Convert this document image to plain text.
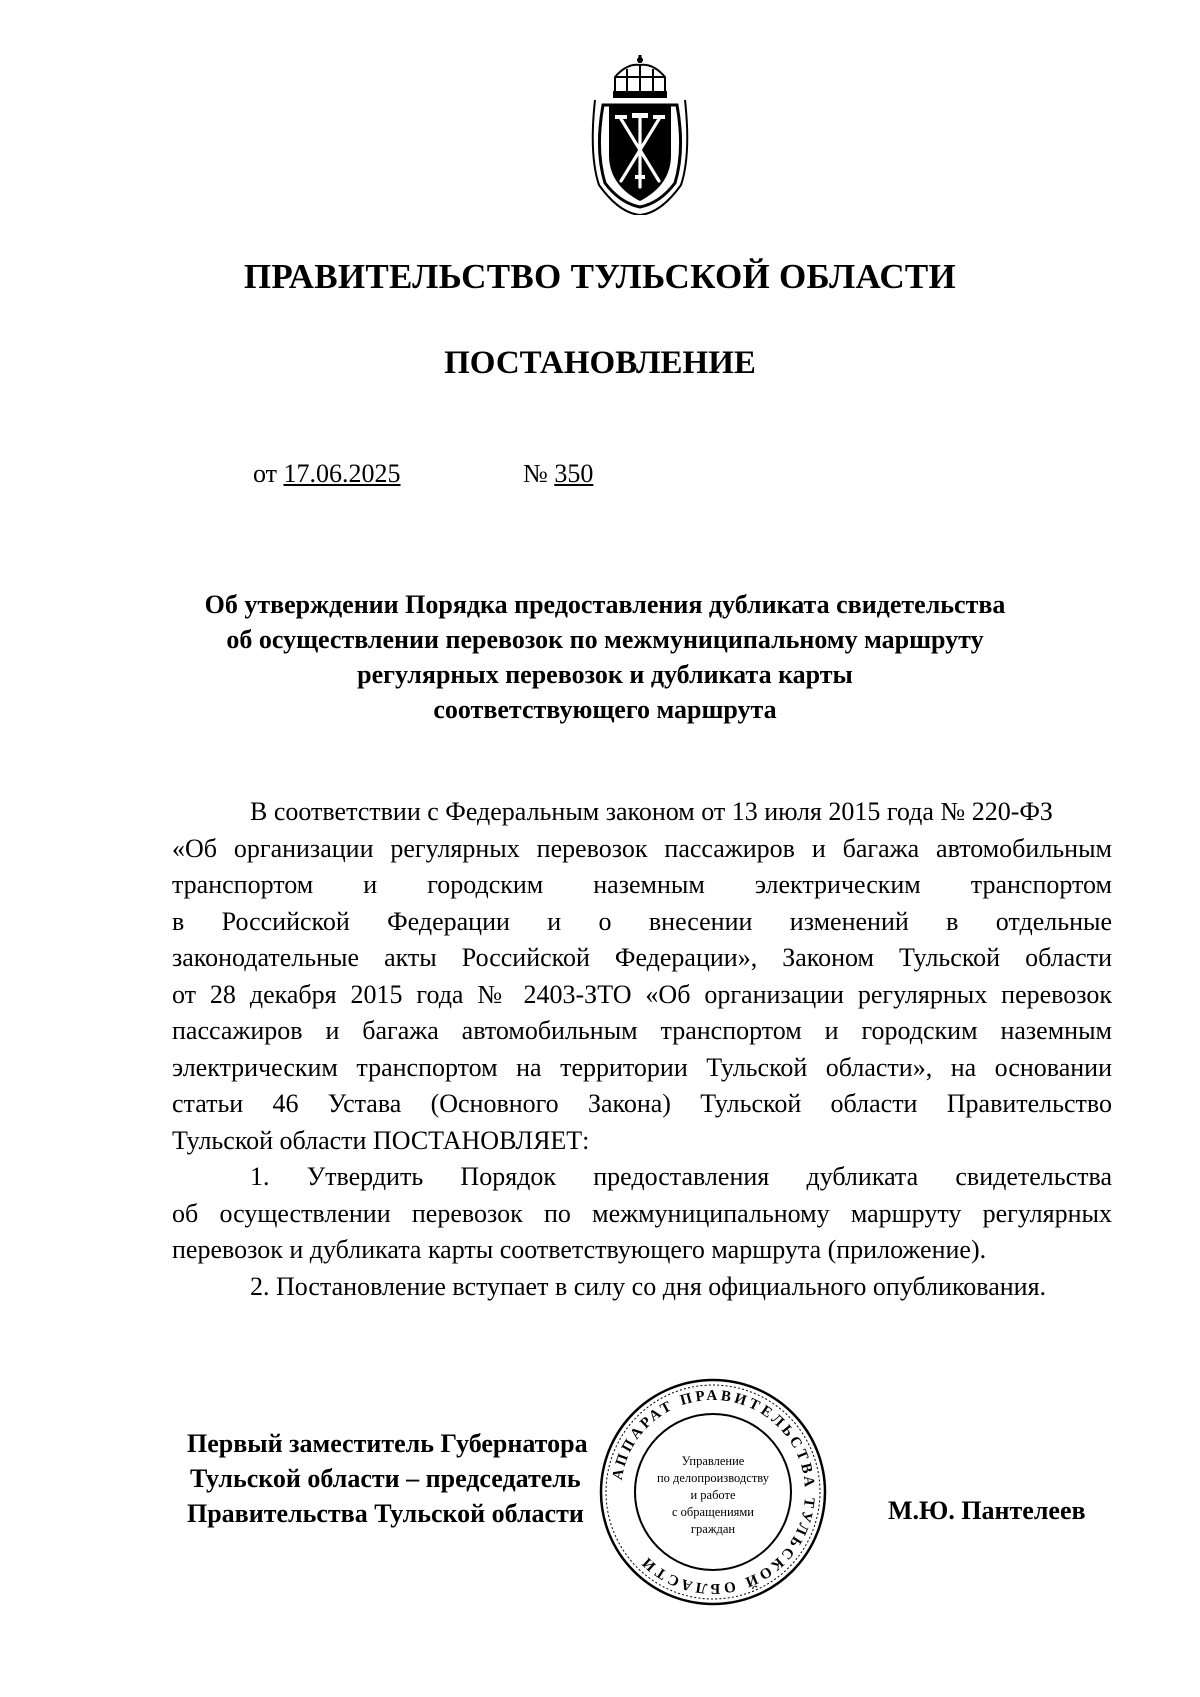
ПРАВИТЕЛЬСТВО ТУЛЬСКОЙ ОБЛАСТИ
ПОСТАНОВЛЕНИЕ
от 17.06.2025	№ 350
Об утверждении Порядка предоставления дубликата свидетельства
об осуществлении перевозок по межмуниципальному маршруту
регулярных перевозок и дубликата карты
соответствующего маршрута
В соответствии с Федеральным законом от 13 июля 2015 года № 220-ФЗ
«Об организации регулярных перевозок пассажиров и багажа автомобильным
транспортом и городским наземным электрическим транспортом
в Российской Федерации и о внесении изменений в отдельные
законодательные акты Российской Федерации», Законом Тульской области
от 28 декабря 2015 года № 2403-ЗТО «Об организации регулярных перевозок
пассажиров и багажа автомобильным транспортом и городским наземным
электрическим транспортом на территории Тульской области», на основании
статьи 46 Устава (Основного Закона) Тульской области Правительство
Тульской области ПОСТАНОВЛЯЕТ:
1. Утвердить Порядок предоставления дубликата свидетельства
об осуществлении перевозок по межмуниципальному маршруту регулярных
перевозок и дубликата карты соответствующего маршрута (приложение).
2. Постановление вступает в силу со дня официального опубликования.
Первый заместитель Губернатора
Тульской области – председатель
Правительства Тульской области	М.Ю. Пантелеев
АППАРАТ ПРАВИТЕЛЬСТВА ТУЛЬСКОЙ ОБЛАСТИ
Управление
по делопроизводству
и работе
с обращениями
граждан
